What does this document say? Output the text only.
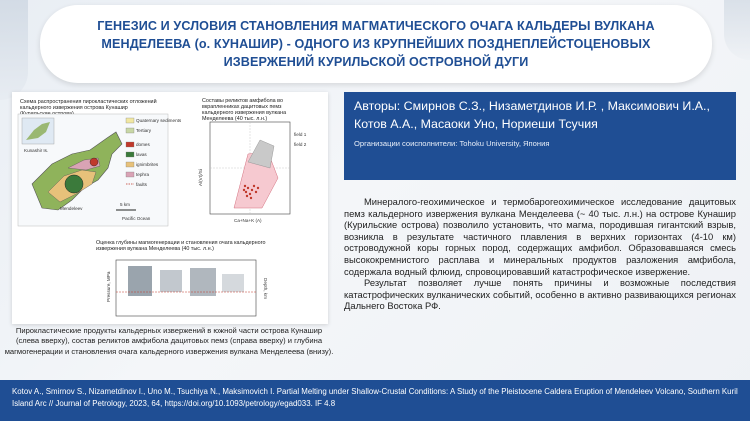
ГЕНЕЗИС И УСЛОВИЯ СТАНОВЛЕНИЯ МАГМАТИЧЕСКОГО ОЧАГА КАЛЬДЕРЫ ВУЛКАНА МЕНДЕЛЕЕВА (о. КУНАШИР) - ОДНОГО ИЗ КРУПНЕЙШИХ ПОЗДНЕПЛЕЙСТОЦЕНОВЫХ ИЗВЕРЖЕНИЙ КУРИЛЬСКОЙ ОСТРОВНОЙ ДУГИ
Схема распространения пирокластических отложений кальдерного извержения острова Кунашир
Kunashir Is.
Mendeleev
Pacific Ocean
5 km
Quaternary sediments
Tertiary
domes
lavas
ignimbrites
tephra
faults
Составы реликтов амфибола во вкрапленниках дацитовых пемз кальдерного извержения вулкана Менделеева (40 тыс. л.н.)
Al(VI)/Si
Ca+Na+K (A)
field 1
field 2
Оценка глубины магмогенерации и становления очага кальдерного извержения вулкана Менделеева (40 тыс. л.н.)
Pressure, MPa	Depth, km
Пирокластические продукты кальдерных извержений в южной части острова Кунашир (слева вверху), состав реликтов амфибола дацитовых пемз (справа вверху) и глубина магмогенерации и становления очага кальдерного извержения вулкана Менделеева (внизу).
Авторы: Смирнов С.З., Низаметдинов И.Р. , Максимович И.А., Котов А.А., Масаоки Уно, Нориеши Тсучия
Организации соисполнители: Tohoku University, Япония

Минералого-геохимическое и термобарогеохимическое исследование дацитовых пемз кальдерного извержения вулкана Менделеева (~ 40 тыс. л.н.) на острове Кунашир (Курильские острова) позволило установить, что магма, породившая гигантский взрыв, возникла в результате частичного плавления в верхних горизонтах (4-10 км) островодужной коры горных пород, содержащих амфибол. Образовавшаяся смесь высококремнистого расплава и минеральных продуктов разложения амфибола, содержала водный флюид, спровоцировавший катастрофическое извержение.

Результат позволяет лучше понять причины и возможные последствия катастрофических вулканических событий, особенно в активно развивающихся регионах Дальнего Востока РФ.

Kotov A., Smirnov S., Nizametdinov I., Uno M., Tsuchiya N., Maksimovich I. Partial Melting under Shallow-Crustal Conditions: A Study of the Pleistocene Caldera Eruption of Mendeleev Volcano, Southern Kuril Island Arc // Journal of Petrology, 2023, 64, https://doi.org/10.1093/petrology/egad033. IF 4.8
